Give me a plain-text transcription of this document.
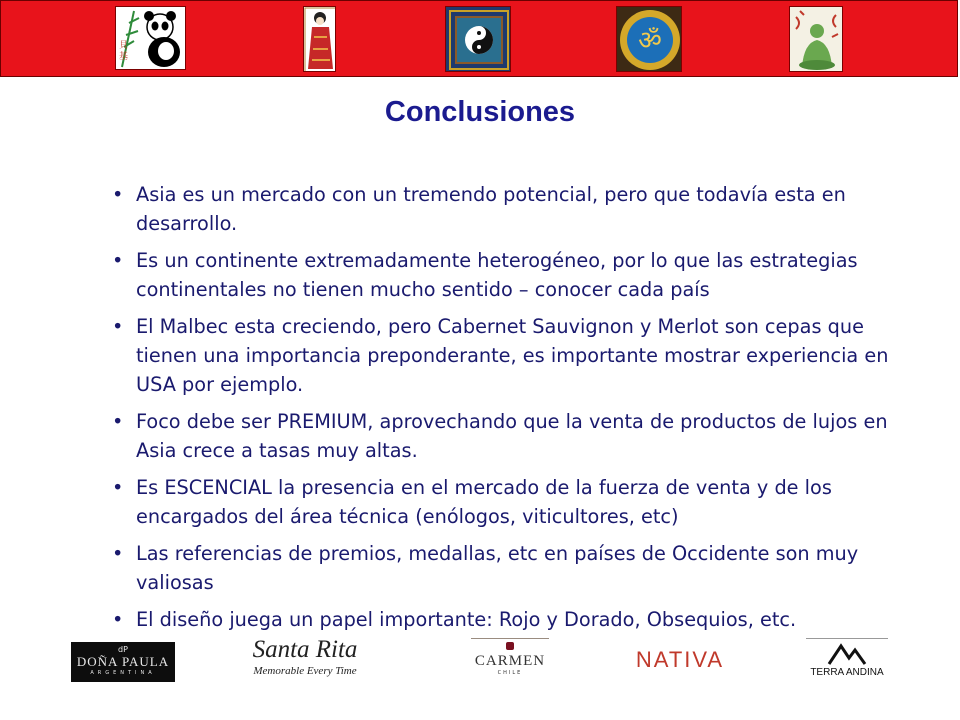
貝基
ॐ
Conclusiones
• Asia es un mercado con un tremendo potencial, pero que todavía esta en desarrollo.
• Es un continente extremadamente heterogéneo, por lo que las estrategias continentales no tienen mucho sentido – conocer cada país
• El Malbec esta creciendo, pero Cabernet Sauvignon y Merlot son cepas que tienen una importancia preponderante, es importante mostrar experiencia en USA por ejemplo.
• Foco debe ser PREMIUM, aprovechando que la venta de productos de lujos en Asia crece a tasas muy altas.
• Es ESCENCIAL la presencia en el mercado de la fuerza de venta y de los encargados del área técnica (enólogos, viticultores, etc)
• Las referencias de premios, medallas, etc en países de Occidente son muy valiosas
• El diseño juega un papel importante: Rojo y Dorado, Obsequios, etc.
dP
DOÑA PAULA
ARGENTINA
Santa Rita
Memorable Every Time
CARMEN
CHILE
NATIVA
TERRA ANDINA
